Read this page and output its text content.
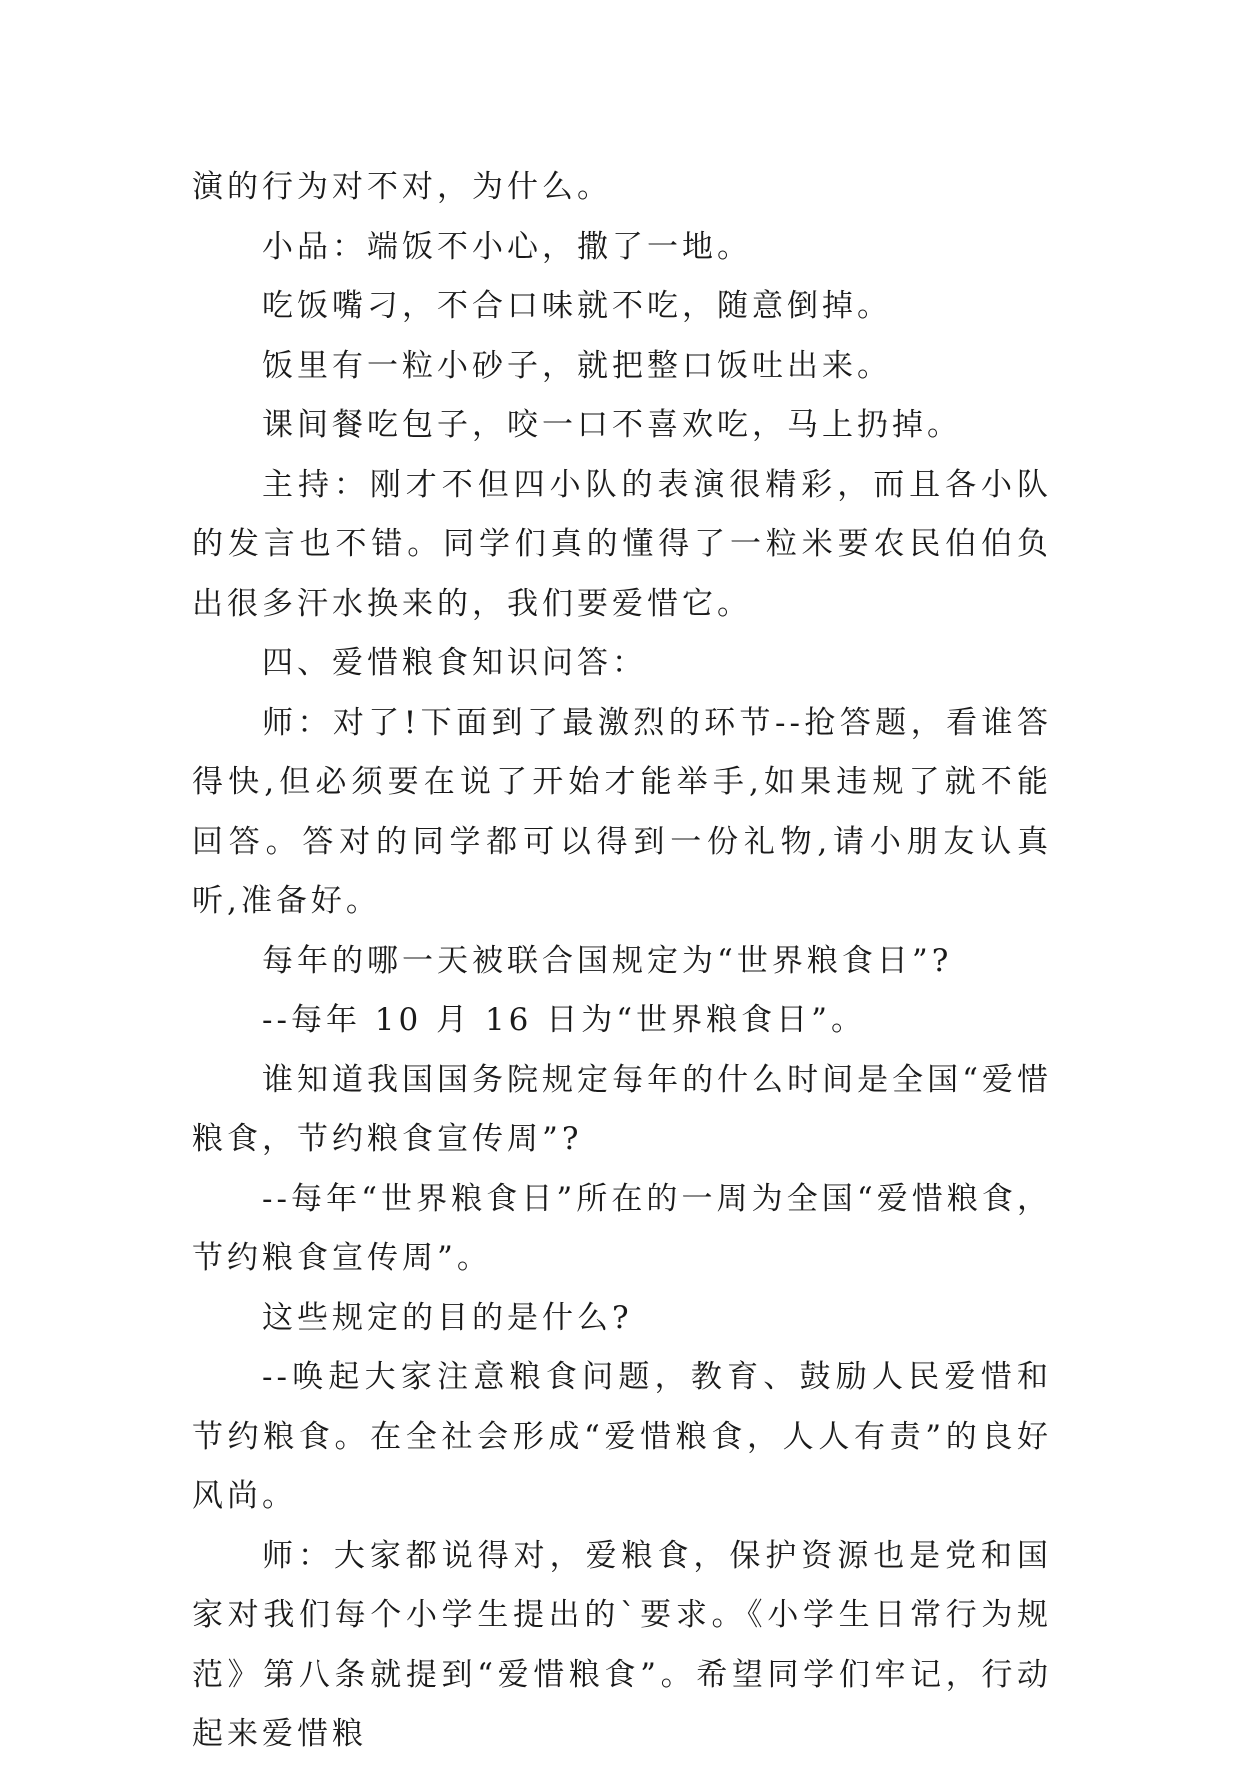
演的行为对不对，为什么。

小品：端饭不小心，撒了一地。

吃饭嘴刁，不合口味就不吃，随意倒掉。

饭里有一粒小砂子，就把整口饭吐出来。

课间餐吃包子，咬一口不喜欢吃，马上扔掉。

主持：刚才不但四小队的表演很精彩，而且各小队的发言也不错。同学们真的懂得了一粒米要农民伯伯负出很多汗水换来的，我们要爱惜它。

四、爱惜粮食知识问答：

师：对了!下面到了最激烈的环节--抢答题，看谁答得快,但必须要在说了开始才能举手,如果违规了就不能回答。答对的同学都可以得到一份礼物,请小朋友认真听,准备好。

每年的哪一天被联合国规定为“世界粮食日”?

--每年 10 月 16 日为“世界粮食日”。

谁知道我国国务院规定每年的什么时间是全国“爱惜粮食，节约粮食宣传周”?

--每年“世界粮食日”所在的一周为全国“爱惜粮食，节约粮食宣传周”。

这些规定的目的是什么?

--唤起大家注意粮食问题，教育、鼓励人民爱惜和节约粮食。在全社会形成“爱惜粮食，人人有责”的良好风尚。

师：大家都说得对，爱粮食，保护资源也是党和国家对我们每个小学生提出的`要求。《小学生日常行为规范》第八条就提到“爱惜粮食”。希望同学们牢记，行动起来爱惜粮
